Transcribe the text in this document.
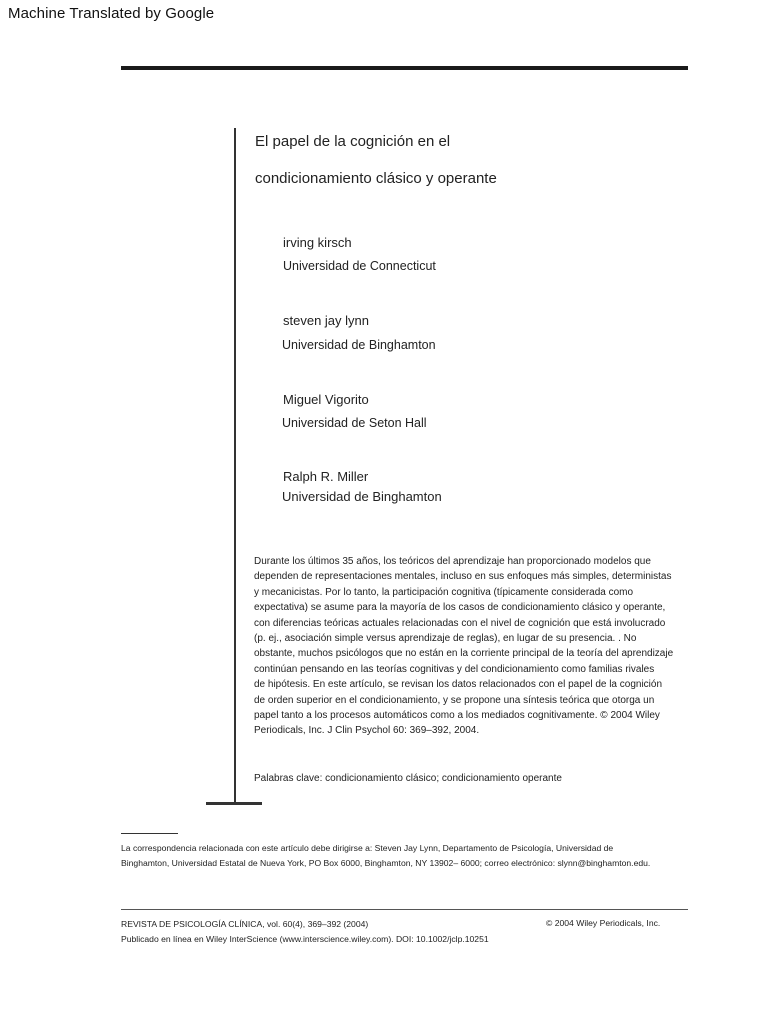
Machine Translated by Google
El papel de la cognición en el
condicionamiento clásico y operante
irving kirsch
Universidad de Connecticut
steven jay lynn
Universidad de Binghamton
Miguel Vigorito
Universidad de Seton Hall
Ralph R. Miller
Universidad de Binghamton
Durante los últimos 35 años, los teóricos del aprendizaje han proporcionado modelos que
dependen de representaciones mentales, incluso en sus enfoques más simples, deterministas
y mecanicistas. Por lo tanto, la participación cognitiva (típicamente considerada como
expectativa) se asume para la mayoría de los casos de condicionamiento clásico y operante,
con diferencias teóricas actuales relacionadas con el nivel de cognición que está involucrado
(p. ej., asociación simple versus aprendizaje de reglas), en lugar de su presencia. . No
obstante, muchos psicólogos que no están en la corriente principal de la teoría del aprendizaje
continúan pensando en las teorías cognitivas y del condicionamiento como familias rivales
de hipótesis. En este artículo, se revisan los datos relacionados con el papel de la cognición
de orden superior en el condicionamiento, y se propone una síntesis teórica que otorga un
papel tanto a los procesos automáticos como a los mediados cognitivamente. © 2004 Wiley
Periodicals, Inc. J Clin Psychol 60: 369–392, 2004.
Palabras clave: condicionamiento clásico; condicionamiento operante
La correspondencia relacionada con este artículo debe dirigirse a: Steven Jay Lynn, Departamento de Psicología, Universidad de
Binghamton, Universidad Estatal de Nueva York, PO Box 6000, Binghamton, NY 13902– 6000; correo electrónico: slynn@binghamton.edu.
REVISTA DE PSICOLOGÍA CLÍNICA, vol. 60(4), 369–392 (2004)
Publicado en línea en Wiley InterScience (www.interscience.wiley.com). DOI: 10.1002/jclp.10251
© 2004 Wiley Periodicals, Inc.
